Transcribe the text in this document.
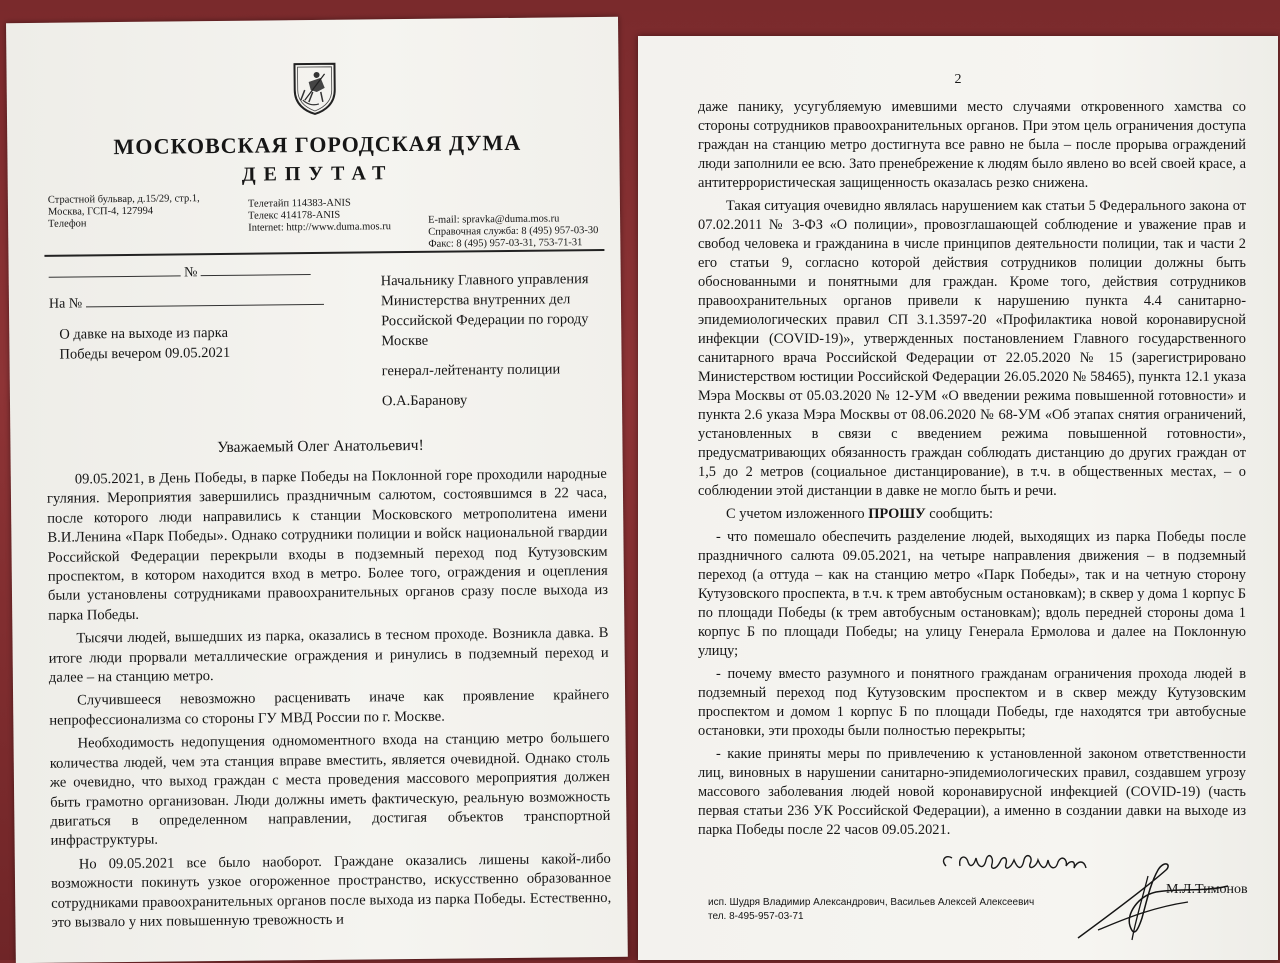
МОСКОВСКАЯ ГОРОДСКАЯ ДУМА
ДЕПУТАТ
Страстной бульвар, д.15/29, стр.1,
Москва, ГСП-4, 127994
Телефон
Телетайп 114383-ANIS
Телекс 414178-ANIS
Internet: http://www.duma.mos.ru
E-mail: spravka@duma.mos.ru
Справочная служба: 8 (495) 957-03-30
Факс: 8 (495) 957-03-31, 753-71-31
№
На №
О давке на выходе из парка
Победы вечером 09.05.2021

Начальнику Главного управления Министерства внутренних дел Российской Федерации по городу Москве

генерал-лейтенанту полиции

О.А.Баранову

Уважаемый Олег Анатольевич!

09.05.2021, в День Победы, в парке Победы на Поклонной горе проходили народные гуляния. Мероприятия завершились праздничным салютом, состоявшимся в 22 часа, после которого люди направились к станции Московского метрополитена имени В.И.Ленина «Парк Победы». Однако сотрудники полиции и войск национальной гвардии Российской Федерации перекрыли входы в подземный переход под Кутузовским проспектом, в котором находится вход в метро. Более того, ограждения и оцепления были установлены сотрудниками правоохранительных органов сразу после выхода из парка Победы.

Тысячи людей, вышедших из парка, оказались в тесном проходе. Возникла давка. В итоге люди прорвали металлические ограждения и ринулись в подземный переход и далее – на станцию метро.

Случившееся невозможно расценивать иначе как проявление крайнего непрофессионализма со стороны ГУ МВД России по г. Москве.

Необходимость недопущения одномоментного входа на станцию метро большего количества людей, чем эта станция вправе вместить, является очевидной. Однако столь же очевидно, что выход граждан с места проведения массового мероприятия должен быть грамотно организован. Люди должны иметь фактическую, реальную возможность двигаться в определенном направлении, достигая объектов транспортной инфраструктуры.

Но 09.05.2021 все было наоборот. Граждане оказались лишены какой-либо возможности покинуть узкое огороженное пространство, искусственно образованное сотрудниками правоохранительных органов после выхода из парка Победы. Естественно, это вызвало у них повышенную тревожность и

2

даже панику, усугубляемую имевшими место случаями откровенного хамства со стороны сотрудников правоохранительных органов. При этом цель ограничения доступа граждан на станцию метро достигнута все равно не была – после прорыва ограждений люди заполнили ее всю. Зато пренебрежение к людям было явлено во всей своей красе, а антитеррористическая защищенность оказалась резко снижена.

Такая ситуация очевидно являлась нарушением как статьи 5 Федерального закона от 07.02.2011 № 3-ФЗ «О полиции», провозглашающей соблюдение и уважение прав и свобод человека и гражданина в числе принципов деятельности полиции, так и части 2 его статьи 9, согласно которой действия сотрудников полиции должны быть обоснованными и понятными для граждан. Кроме того, действия сотрудников правоохранительных органов привели к нарушению пункта 4.4 санитарно-эпидемиологических правил СП 3.1.3597-20 «Профилактика новой коронавирусной инфекции (COVID-19)», утвержденных постановлением Главного государственного санитарного врача Российской Федерации от 22.05.2020 № 15 (зарегистрировано Министерством юстиции Российской Федерации 26.05.2020 № 58465), пункта 12.1 указа Мэра Москвы от 05.03.2020 № 12-УМ «О введении режима повышенной готовности» и пункта 2.6 указа Мэра Москвы от 08.06.2020 № 68-УМ «Об этапах снятия ограничений, установленных в связи с введением режима повышенной готовности», предусматривающих обязанность граждан соблюдать дистанцию до других граждан от 1,5 до 2 метров (социальное дистанцирование), в т.ч. в общественных местах, – о соблюдении этой дистанции в давке не могло быть и речи.

С учетом изложенного ПРОШУ сообщить:

- что помешало обеспечить разделение людей, выходящих из парка Победы после праздничного салюта 09.05.2021, на четыре направления движения – в подземный переход (а оттуда – как на станцию метро «Парк Победы», так и на четную сторону Кутузовского проспекта, в т.ч. к трем автобусным остановкам); в сквер у дома 1 корпус Б по площади Победы (к трем автобусным остановкам); вдоль передней стороны дома 1 корпус Б по площади Победы; на улицу Генерала Ермолова и далее на Поклонную улицу;

- почему вместо разумного и понятного гражданам ограничения прохода людей в подземный переход под Кутузовским проспектом и в сквер между Кутузовским проспектом и домом 1 корпус Б по площади Победы, где находятся три автобусные остановки, эти проходы были полностью перекрыты;

- какие приняты меры по привлечению к установленной законом ответственности лиц, виновных в нарушении санитарно-эпидемиологических правил, создавшем угрозу массового заболевания людей новой коронавирусной инфекцией (COVID-19) (часть первая статьи 236 УК Российской Федерации), а именно в создании давки на выходе из парка Победы после 22 часов 09.05.2021.

М.Л.Тимонов
исп. Шудря Владимир Александрович, Васильев Алексей Алексеевич
тел. 8-495-957-03-71
